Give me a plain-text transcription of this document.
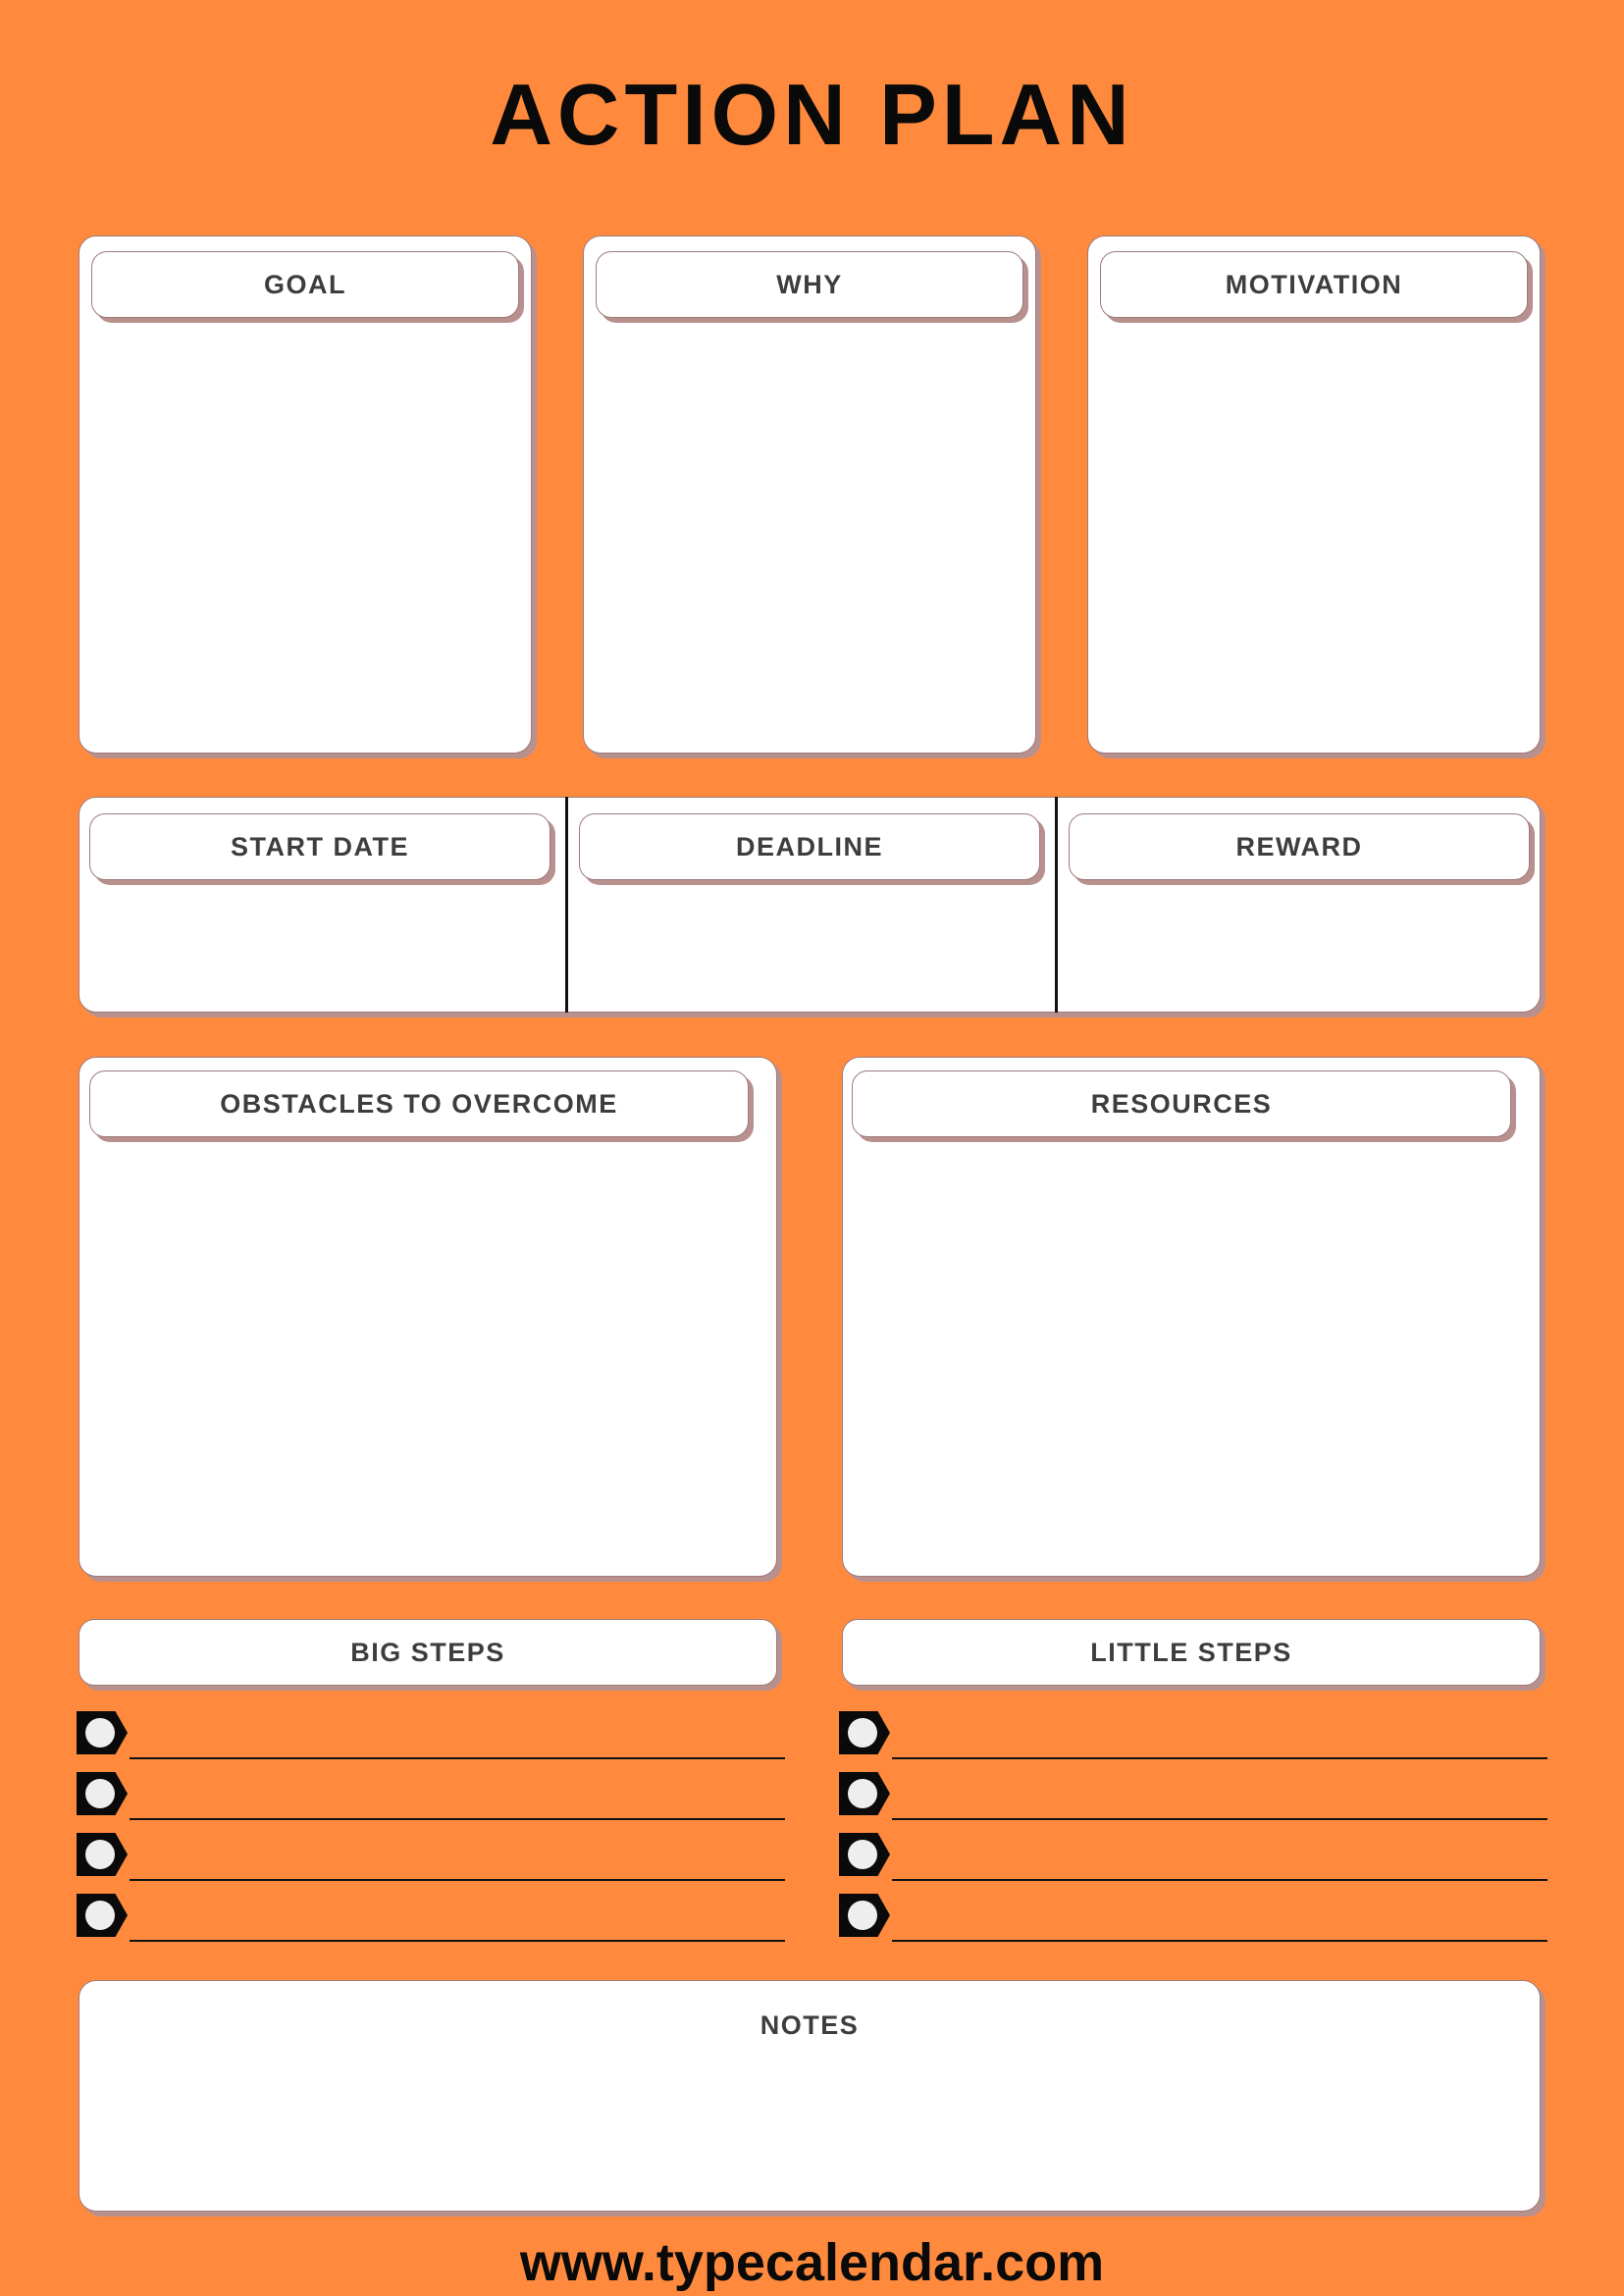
ACTION PLAN
GOAL	WHY	MOTIVATION
START DATE	DEADLINE	REWARD
OBSTACLES TO OVERCOME	RESOURCES
BIG STEPS	LITTLE STEPS
NOTES
www.typecalendar.com
